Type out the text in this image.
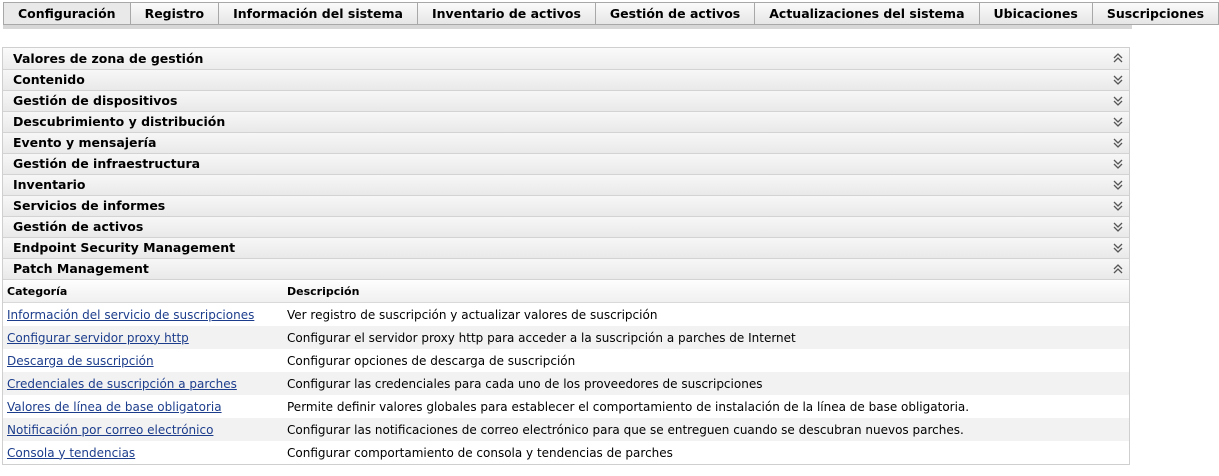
Configuración	Registro	Información del sistema	Inventario de activos	Gestión de activos	Actualizaciones del sistema	Ubicaciones	Suscripciones
Valores de zona de gestión
Contenido
Gestión de dispositivos
Descubrimiento y distribución
Evento y mensajería
Gestión de infraestructura
Inventario
Servicios de informes
Gestión de activos
Endpoint Security Management
Patch Management
Categoría	Descripción
Información del servicio de suscripciones	Ver registro de suscripción y actualizar valores de suscripción
Configurar servidor proxy http	Configurar el servidor proxy http para acceder a la suscripción a parches de Internet
Descarga de suscripción	Configurar opciones de descarga de suscripción
Credenciales de suscripción a parches	Configurar las credenciales para cada uno de los proveedores de suscripciones
Valores de línea de base obligatoria	Permite definir valores globales para establecer el comportamiento de instalación de la línea de base obligatoria.
Notificación por correo electrónico	Configurar las notificaciones de correo electrónico para que se entreguen cuando se descubran nuevos parches.
Consola y tendencias	Configurar comportamiento de consola y tendencias de parches
